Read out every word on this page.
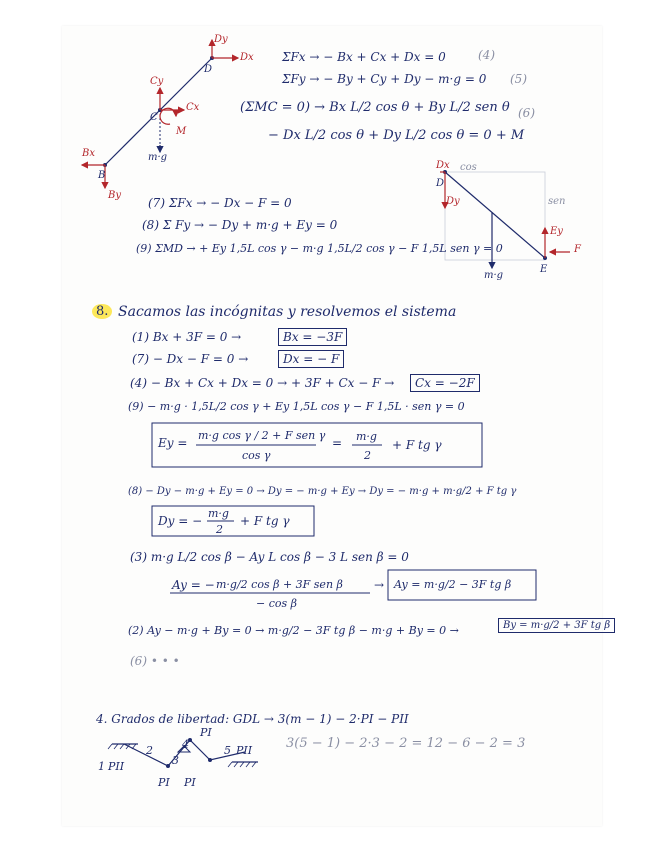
Dy
Dx
D
Cy
Cx
C
M
m·g
Bx
B
By
ΣFx → − Bx + Cx + Dx = 0	(4)
ΣFy → − By + Cy + Dy − m·g = 0 (5)
(ΣMC = 0) → Bx L/2 cos θ + By L/2 sen θ (6)
− Dx L/2 cos θ + Dy L/2 cos θ = 0 + M
Dx
D
Dy
cos
sen
Ey
F
E
m·g
(7) ΣFx → − Dx − F = 0
(8) Σ Fy → − Dy + m·g + Ey = 0
(9) ΣMD → + Ey 1,5L cos γ − m·g 1,5L/2 cos γ − F 1,5L sen γ = 0
8. Sacamos las incógnitas y resolvemos el sistema
(1) Bx + 3F = 0 →	Bx = −3F
(7) − Dx − F = 0 →	Dx = − F
(4) − Bx + Cx + Dx = 0 → + 3F + Cx − F →	Cx = −2F
(9) − m·g · 1,5L/2 cos γ + Ey 1,5L cos γ − F 1,5L · sen γ = 0
Ey =
m·g cos γ / 2 + F sen γ
cos γ
= m·g
2
+ F tg γ
(8) − Dy − m·g + Ey = 0 → Dy = − m·g + Ey → Dy = − m·g + m·g/2 + F tg γ
Dy = −
m·g
2
+ F tg γ
(3) m·g L/2 cos β − Ay L cos β − 3 L sen β = 0
Ay = − m·g/2 cos β + 3F sen β
− cos β
→ Ay = m·g/2 − 3F tg β
(2) Ay − m·g + By = 0 → m·g/2 − 3F tg β − m·g + By = 0 →	By = m·g/2 + 3F tg β
(6) • • •
4. Grados de libertad: GDL → 3(m − 1) − 2·PI − PII
3(5 − 1) − 2·3 − 2 = 12 − 6 − 2 = 3
1 PII
2
3
4
PI
5 PII
PI PI
